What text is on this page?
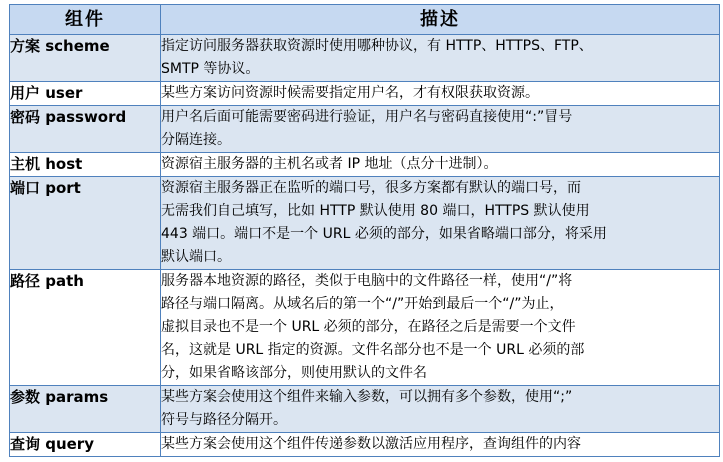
组件	描述
方案 scheme	指定访问服务器获取资源时使用哪种协议，有 HTTP、HTTPS、FTP、
SMTP 等协议。

用户 user	某些方案访问资源时候需要指定用户名，才有权限获取资源。

密码 password	用户名后面可能需要密码进行验证，用户名与密码直接使用“:”冒号
分隔连接。

主机 host	资源宿主服务器的主机名或者 IP 地址（点分十进制）。

端口 port	资源宿主服务器正在监听的端口号，很多方案都有默认的端口号，而
无需我们自己填写，比如 HTTP 默认使用 80 端口，HTTPS 默认使用
443 端口。端口不是一个 URL 必须的部分，如果省略端口部分，将采用
默认端口。

路径 path	服务器本地资源的路径，类似于电脑中的文件路径一样，使用“/”将
路径与端口隔离。从域名后的第一个“/”开始到最后一个“/”为止，
虚拟目录也不是一个 URL 必须的部分，在路径之后是需要一个文件
名，这就是 URL 指定的资源。文件名部分也不是一个 URL 必须的部
分，如果省略该部分，则使用默认的文件名

参数 params	某些方案会使用这个组件来输入参数，可以拥有多个参数，使用“;”
符号与路径分隔开。

查询 query	某些方案会使用这个组件传递参数以激活应用程序，查询组件的内容
